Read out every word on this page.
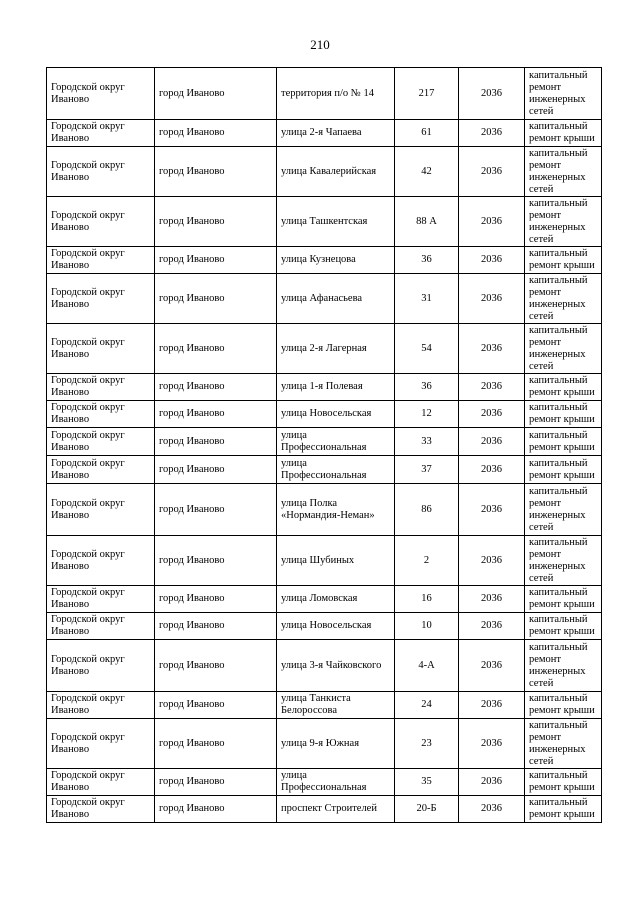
210
Городской округ Иваново	город Иваново	территория п/о № 14	217	2036	капитальный ремонт инженерных сетей
Городской округ Иваново	город Иваново	улица 2-я Чапаева	61	2036	капитальный ремонт крыши
Городской округ Иваново	город Иваново	улица Кавалерийская	42	2036	капитальный ремонт инженерных сетей
Городской округ Иваново	город Иваново	улица Ташкентская	88 А	2036	капитальный ремонт инженерных сетей
Городской округ Иваново	город Иваново	улица Кузнецова	36	2036	капитальный ремонт крыши
Городской округ Иваново	город Иваново	улица Афанасьева	31	2036	капитальный ремонт инженерных сетей
Городской округ Иваново	город Иваново	улица 2-я Лагерная	54	2036	капитальный ремонт инженерных сетей
Городской округ Иваново	город Иваново	улица 1-я Полевая	36	2036	капитальный ремонт крыши
Городской округ Иваново	город Иваново	улица Новосельская	12	2036	капитальный ремонт крыши
Городской округ Иваново	город Иваново	улица Профессиональная	33	2036	капитальный ремонт крыши
Городской округ Иваново	город Иваново	улица Профессиональная	37	2036	капитальный ремонт крыши
Городской округ Иваново	город Иваново	улица Полка «Нормандия-Неман»	86	2036	капитальный ремонт инженерных сетей
Городской округ Иваново	город Иваново	улица Шубиных	2	2036	капитальный ремонт инженерных сетей
Городской округ Иваново	город Иваново	улица Ломовская	16	2036	капитальный ремонт крыши
Городской округ Иваново	город Иваново	улица Новосельская	10	2036	капитальный ремонт крыши
Городской округ Иваново	город Иваново	улица 3-я Чайковского	4-А	2036	капитальный ремонт инженерных сетей
Городской округ Иваново	город Иваново	улица Танкиста Белороссова	24	2036	капитальный ремонт крыши
Городской округ Иваново	город Иваново	улица 9-я Южная	23	2036	капитальный ремонт инженерных сетей
Городской округ Иваново	город Иваново	улица Профессиональная	35	2036	капитальный ремонт крыши
Городской округ Иваново	город Иваново	проспект Строителей	20-Б	2036	капитальный ремонт крыши
